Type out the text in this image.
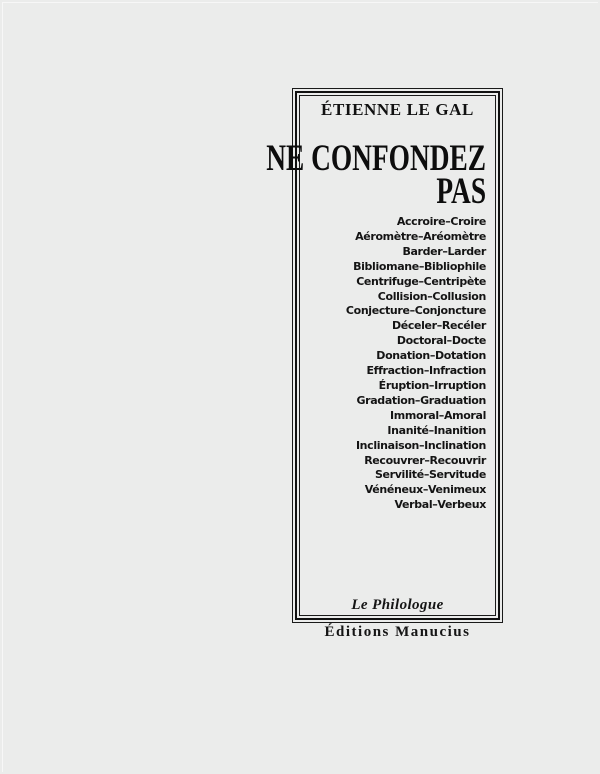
ÉTIENNE LE GAL
NE CONFONDEZ
PAS
Accroire–Croire
Aéromètre–Aréomètre
Barder–Larder
Bibliomane–Bibliophile
Centrifuge–Centripète
Collision–Collusion
Conjecture–Conjoncture
Déceler–Recéler
Doctoral–Docte
Donation–Dotation
Effraction–Infraction
Éruption–Irruption
Gradation–Graduation
Immoral–Amoral
Inanité–Inanition
Inclinaison–Inclination
Recouvrer–Recouvrir
Servilité–Servitude
Vénéneux–Venimeux
Verbal–Verbeux
Le Philologue
Éditions Manucius
